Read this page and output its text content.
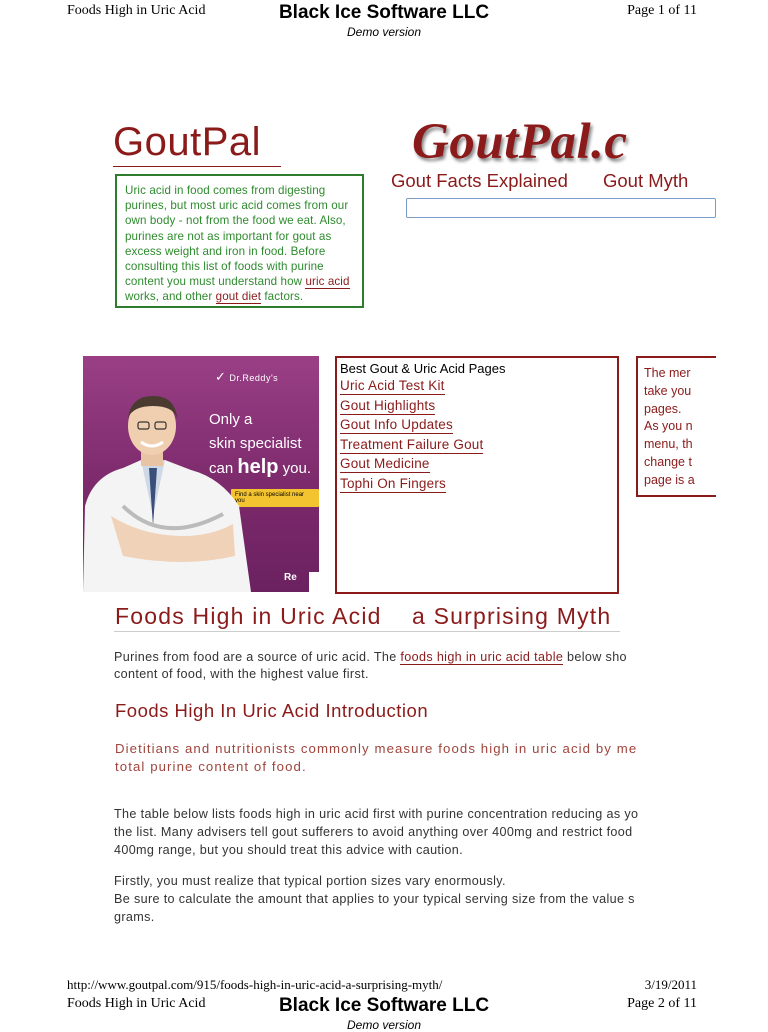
Foods High in Uric Acid	Black Ice Software LLC
Demo version
Page 1 of 11
GoutPal	GoutPal.c
Gout Facts Explained Gout Myth

Uric acid in food comes from digesting purines, but most uric acid comes from our own body - not from the food we eat. Also, purines are not as important for gout as excess weight and iron in food. Before consulting this list of foods with purine content you must understand how uric acid works, and other gout diet factors.

✓ Dr.Reddy's
Only a
skin specialist
can help you.
Find a skin specialist near you
Re
Best Gout & Uric Acid Pages
Uric Acid Test Kit
Gout Highlights
Gout Info Updates
Treatment Failure Gout
Gout Medicine
Tophi On Fingers
The mer
take you
pages.
As you n
menu, th
change t
page is a
Foods High in Uric Acid    a Surprising Myth
Purines from food are a source of uric acid. The foods high in uric acid table below sho
content of food, with the highest value first.
Foods High In Uric Acid Introduction
Dietitians and nutritionists commonly measure foods high in uric acid by me
total purine content of food.
The table below lists foods high in uric acid first with purine concentration reducing as yo
the list. Many advisers tell gout sufferers to avoid anything over 400mg and restrict food
400mg range, but you should treat this advice with caution.
Firstly, you must realize that typical portion sizes vary enormously.
Be sure to calculate the amount that applies to your typical serving size from the value s
grams.
http://www.goutpal.com/915/foods-high-in-uric-acid-a-surprising-myth/	3/19/2011
Foods High in Uric Acid	Black Ice Software LLC	Page 2 of 11
Demo version
